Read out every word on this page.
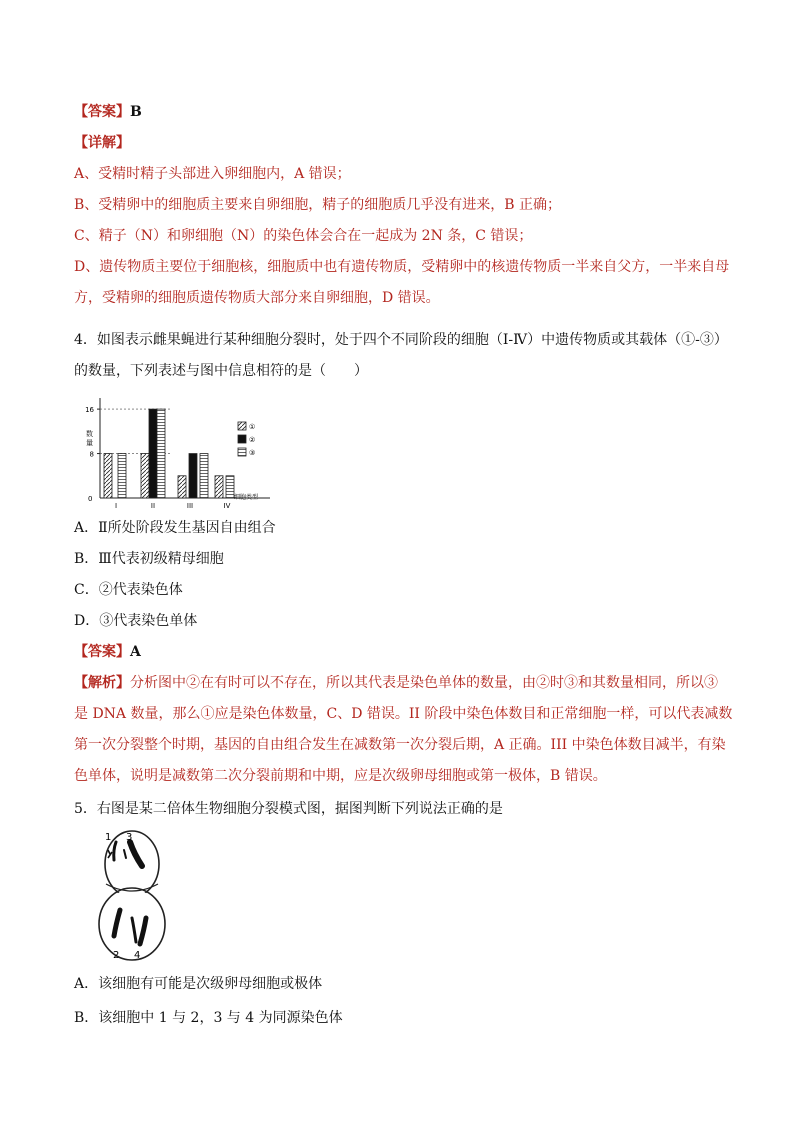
【答案】B
【详解】
A、受精时精子头部进入卵细胞内，A 错误；
B、受精卵中的细胞质主要来自卵细胞，精子的细胞质几乎没有进来，B 正确；
C、精子（N）和卵细胞（N）的染色体会合在一起成为 2N 条，C 错误；
D、遗传物质主要位于细胞核，细胞质中也有遗传物质，受精卵中的核遗传物质一半来自父方，一半来自母
方，受精卵的细胞质遗传物质大部分来自卵细胞，D 错误。
4．如图表示雌果蝇进行某种细胞分裂时，处于四个不同阶段的细胞（Ⅰ-Ⅳ）中遗传物质或其载体（①-③）
的数量，下列表述与图中信息相符的是（　　）
8
16
数
量
0	细胞类型
I	II	III	IV
①
②
③
A．Ⅱ所处阶段发生基因自由组合
B．Ⅲ代表初级精母细胞
C．②代表染色体
D．③代表染色单体
【答案】A
【解析】分析图中②在有时可以不存在，所以其代表是染色单体的数量，由②时③和其数量相同，所以③
是 DNA 数量，那么①应是染色体数量，C、D 错误。II 阶段中染色体数目和正常细胞一样，可以代表减数
第一次分裂整个时期，基因的自由组合发生在减数第一次分裂后期，A 正确。III 中染色体数目减半，有染
色单体，说明是减数第二次分裂前期和中期，应是次级卵母细胞或第一极体，B 错误。
5．右图是某二倍体生物细胞分裂模式图，据图判断下列说法正确的是
1 3
2 4
A．该细胞有可能是次级卵母细胞或极体
B．该细胞中 1 与 2，3 与 4 为同源染色体
